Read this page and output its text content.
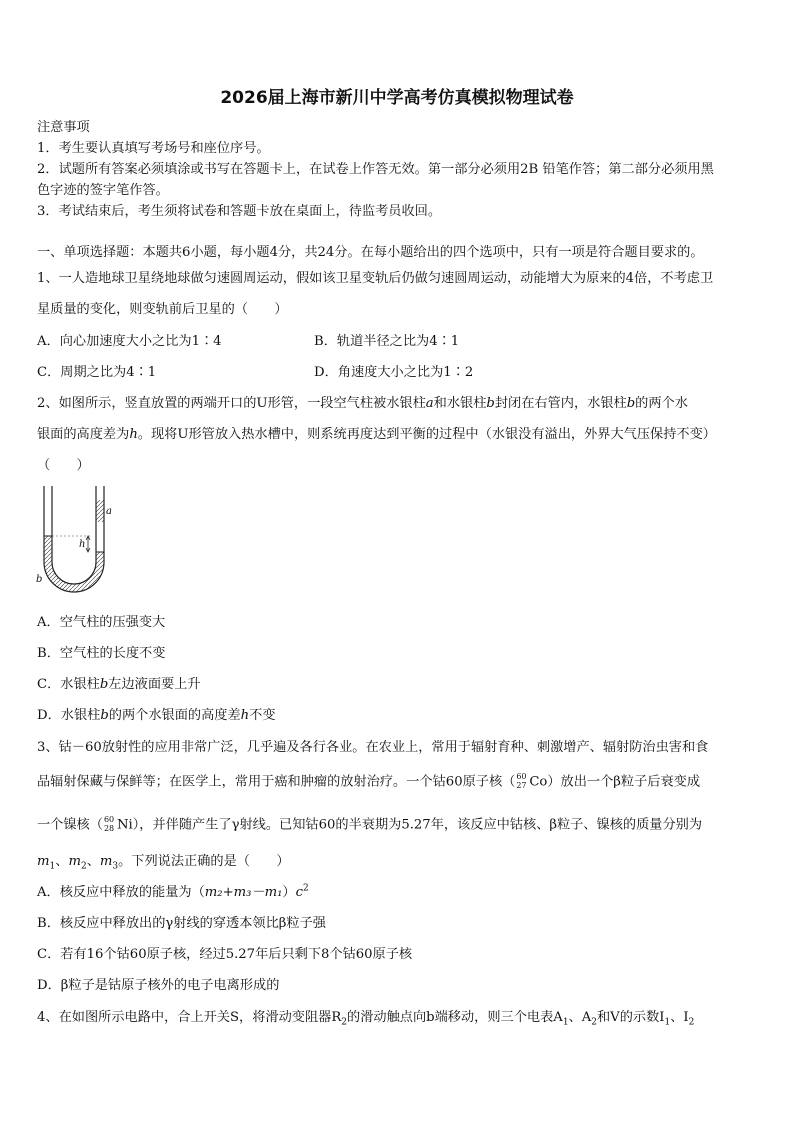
2026届上海市新川中学高考仿真模拟物理试卷
注意事项
1．考生要认真填写考场号和座位序号。
2．试题所有答案必须填涂或书写在答题卡上，在试卷上作答无效。第一部分必须用2B 铅笔作答；第二部分必须用黑
色字迹的签字笔作答。
3．考试结束后，考生须将试卷和答题卡放在桌面上，待监考员收回。
一、单项选择题：本题共6小题，每小题4分，共24分。在每小题给出的四个选项中，只有一项是符合题目要求的。
1、一人造地球卫星绕地球做匀速圆周运动，假如该卫星变轨后仍做匀速圆周运动，动能增大为原来的4倍，不考虑卫
星质量的变化，则变轨前后卫星的（　　）
A．向心加速度大小之比为1∶4	B．轨道半径之比为4∶1
C．周期之比为4∶1	D．角速度大小之比为1∶2
2、如图所示，竖直放置的两端开口的U形管，一段空气柱被水银柱a和水银柱b封闭在右管内，水银柱b的两个水
银面的高度差为h。现将U形管放入热水槽中，则系统再度达到平衡的过程中（水银没有溢出，外界大气压保持不变）
（　　）
a
h
b
A．空气柱的压强变大
B．空气柱的长度不变
C．水银柱b左边液面要上升
D．水银柱b的两个水银面的高度差h不变
3、钴－60放射性的应用非常广泛，几乎遍及各行各业。在农业上，常用于辐射育种、刺激增产、辐射防治虫害和食
品辐射保藏与保鲜等；在医学上，常用于癌和肿瘤的放射治疗。一个钴60原子核（ 60
27 Co）放出一个β粒子后衰变成
一个镍核（ 60
28 Ni），并伴随产生了γ射线。已知钴60的半衰期为5.27年，该反应中钴核、β粒子、镍核的质量分别为
$m_1$、$m_2$、$m_3$。下列说法正确的是（　　）
A．核反应中释放的能量为$(m_2+m_3-m_1)c^2$
B．核反应中释放出的γ射线的穿透本领比β粒子强
C．若有16个钴60原子核，经过5.27年后只剩下8个钴60原子核
D．β粒子是钴原子核外的电子电离形成的
4、在如图所示电路中，合上开关S，将滑动变阻器$R_2$的滑动触点向b端移动，则三个电表$A_1$、$A_2$和V的示数$I_1$、$I_2$
